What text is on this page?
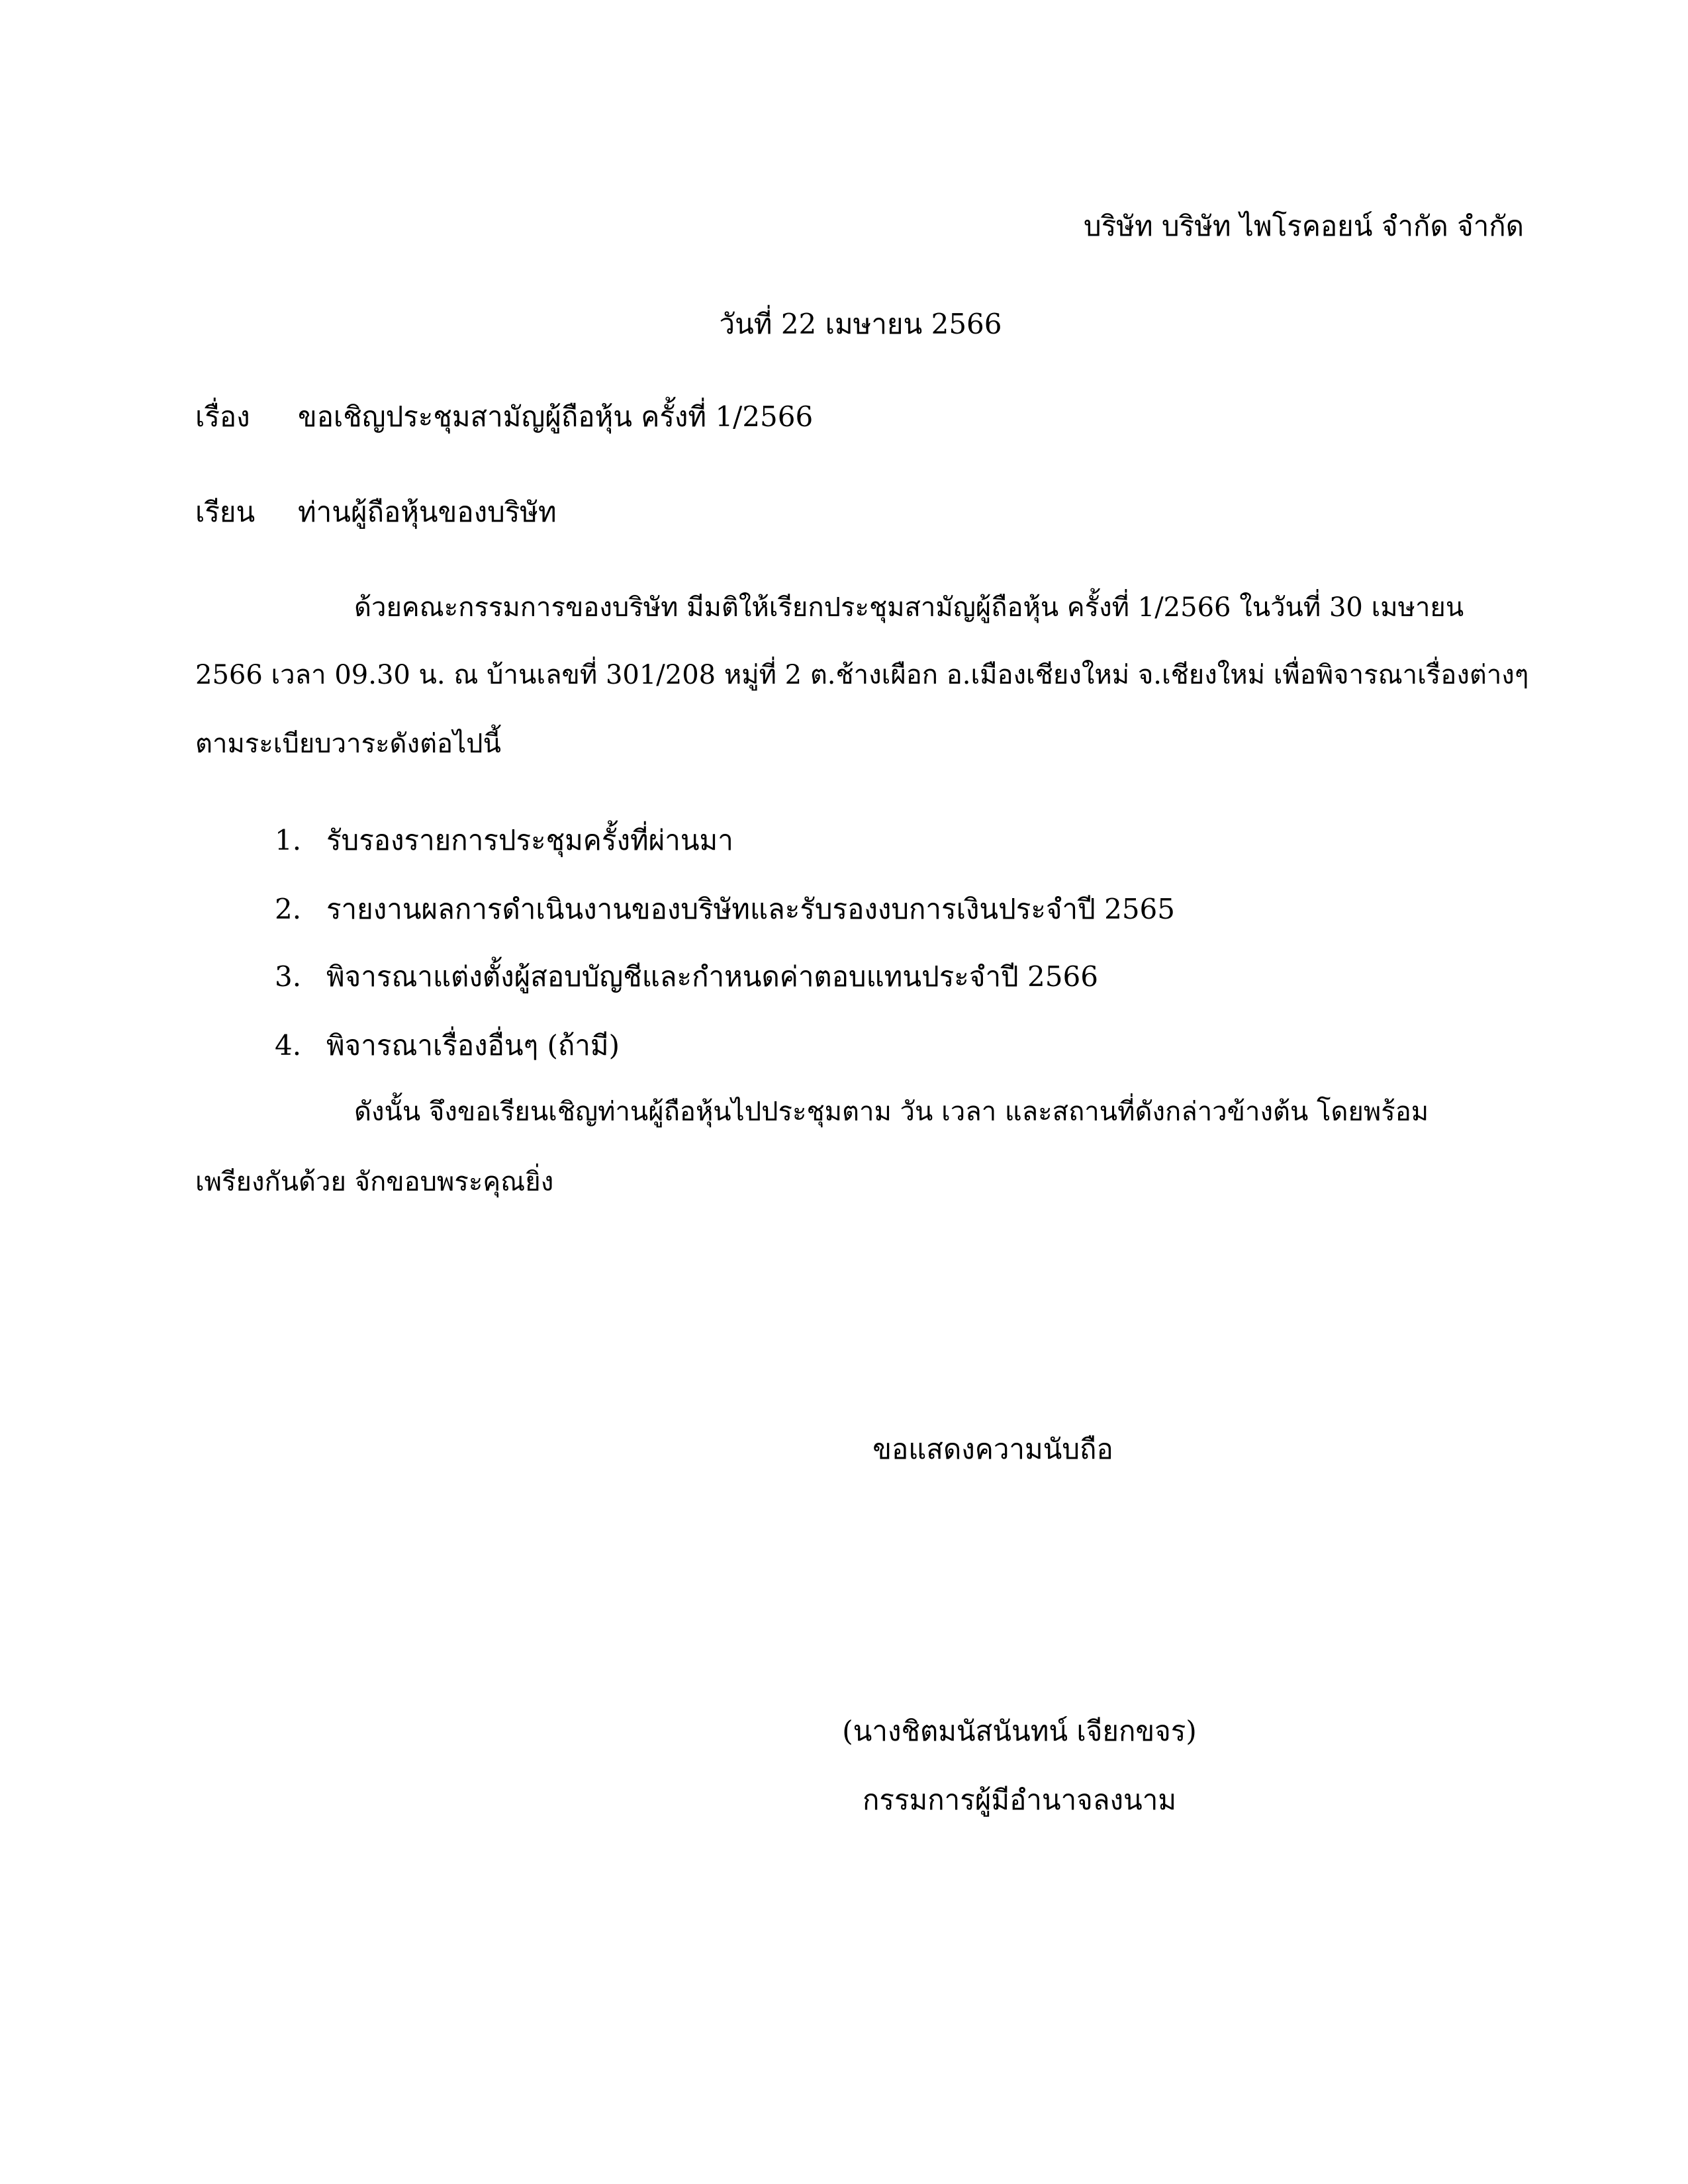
บริษัท บริษัท ไพโรคอยน์ จำกัด จำกัด
วันที่ 22 เมษายน 2566
เรื่อง ขอเชิญประชุมสามัญผู้ถือหุ้น ครั้งที่ 1/2566
เรียน ท่านผู้ถือหุ้นของบริษัท
ด้วยคณะกรรมการของบริษัท มีมติให้เรียกประชุมสามัญผู้ถือหุ้น ครั้งที่ 1/2566 ในวันที่ 30 เมษายน
2566 เวลา 09.30 น. ณ บ้านเลขที่ 301/208 หมู่ที่ 2 ต.ช้างเผือก อ.เมืองเชียงใหม่ จ.เชียงใหม่ เพื่อพิจารณาเรื่องต่างๆ
ตามระเบียบวาระดังต่อไปนี้
1. รับรองรายการประชุมครั้งที่ผ่านมา
2. รายงานผลการดำเนินงานของบริษัทและรับรองงบการเงินประจำปี 2565
3. พิจารณาแต่งตั้งผู้สอบบัญชีและกำหนดค่าตอบแทนประจำปี 2566
4. พิจารณาเรื่องอื่นๆ (ถ้ามี)
ดังนั้น จึงขอเรียนเชิญท่านผู้ถือหุ้นไปประชุมตาม วัน เวลา และสถานที่ดังกล่าวข้างต้น โดยพร้อม
เพรียงกันด้วย จักขอบพระคุณยิ่ง
ขอแสดงความนับถือ
(นางชิตมนัสนันทน์ เจียกขจร)
กรรมการผู้มีอำนาจลงนาม
